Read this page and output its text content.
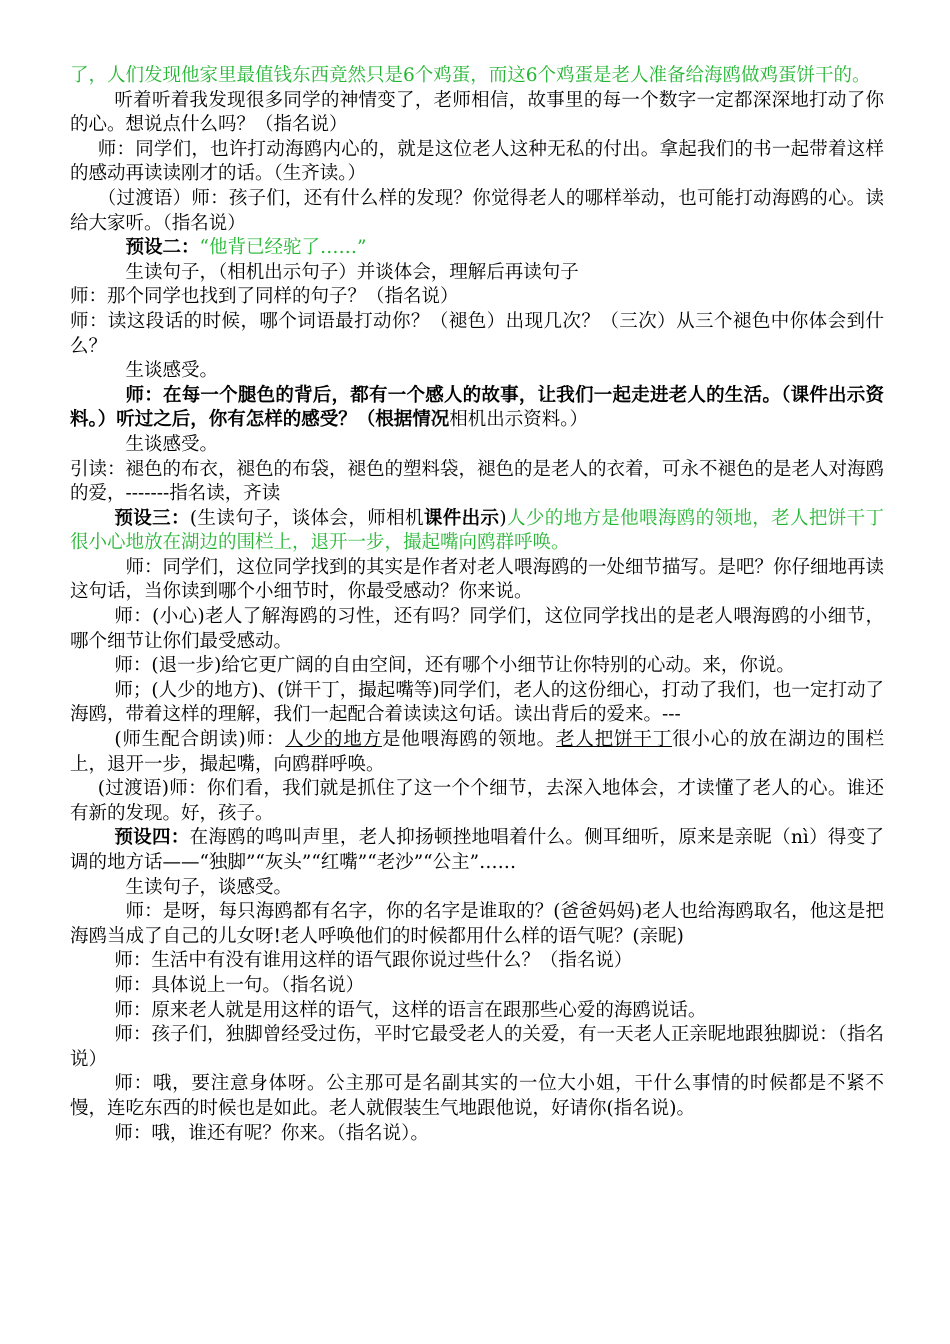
了，人们发现他家里最值钱东西竟然只是6个鸡蛋，而这6个鸡蛋是老人准备给海鸥做鸡蛋饼干的。

听着听着我发现很多同学的神情变了，老师相信，故事里的每一个数字一定都深深地打动了你的心。想说点什么吗？（指名说）

师：同学们，也许打动海鸥内心的，就是这位老人这种无私的付出。拿起我们的书一起带着这样的感动再读读刚才的话。（生齐读。）

（过渡语）师：孩子们，还有什么样的发现？你觉得老人的哪样举动，也可能打动海鸥的心。读给大家听。（指名说）

预设二：“他背已经驼了……”

生读句子，（相机出示句子）并谈体会，理解后再读句子

师：那个同学也找到了同样的句子？（指名说）

师：读这段话的时候，哪个词语最打动你？（褪色）出现几次？（三次）从三个褪色中你体会到什么？

生谈感受。

师：在每一个腿色的背后，都有一个感人的故事，让我们一起走进老人的生活。（课件出示资料。）听过之后，你有怎样的感受？（根据情况相机出示资料。）

生谈感受。

引读：褪色的布衣，褪色的布袋，褪色的塑料袋，褪色的是老人的衣着，可永不褪色的是老人对海鸥的爱，-------指名读，齐读

预设三：(生读句子，谈体会，师相机课件出示)人少的地方是他喂海鸥的领地，老人把饼干丁很小心地放在湖边的围栏上，退开一步，撮起嘴向鸥群呼唤。

师：同学们，这位同学找到的其实是作者对老人喂海鸥的一处细节描写。是吧？你仔细地再读这句话，当你读到哪个小细节时，你最受感动？你来说。

师：(小心)老人了解海鸥的习性，还有吗？同学们，这位同学找出的是老人喂海鸥的小细节，哪个细节让你们最受感动。

师：(退一步)给它更广阔的自由空间，还有哪个小细节让你特别的心动。来，你说。

师；(人少的地方)、(饼干丁，撮起嘴等)同学们，老人的这份细心，打动了我们，也一定打动了海鸥，带着这样的理解，我们一起配合着读读这句话。读出背后的爱来。---

(师生配合朗读)师：人少的地方是他喂海鸥的领地。老人把饼干丁很小心的放在湖边的围栏上，退开一步，撮起嘴，向鸥群呼唤。

(过渡语)师：你们看，我们就是抓住了这一个个细节，去深入地体会，才读懂了老人的心。谁还有新的发现。好，孩子。

预设四：在海鸥的鸣叫声里，老人抑扬顿挫地唱着什么。侧耳细听，原来是亲昵（nì）得变了调的地方话——“独脚”“灰头”“红嘴”“老沙”“公主”……

生读句子，谈感受。

师：是呀，每只海鸥都有名字，你的名字是谁取的？(爸爸妈妈)老人也给海鸥取名，他这是把海鸥当成了自己的儿女呀!老人呼唤他们的时候都用什么样的语气呢？(亲昵)

师：生活中有没有谁用这样的语气跟你说过些什么？（指名说）

师：具体说上一句。（指名说）

师：原来老人就是用这样的语气，这样的语言在跟那些心爱的海鸥说话。

师：孩子们，独脚曾经受过伤，平时它最受老人的关爱，有一天老人正亲昵地跟独脚说：（指名说）

师：哦，要注意身体呀。公主那可是名副其实的一位大小姐，干什么事情的时候都是不紧不慢，连吃东西的时候也是如此。老人就假装生气地跟他说，好请你(指名说)。

师：哦，谁还有呢？你来。（指名说）。
